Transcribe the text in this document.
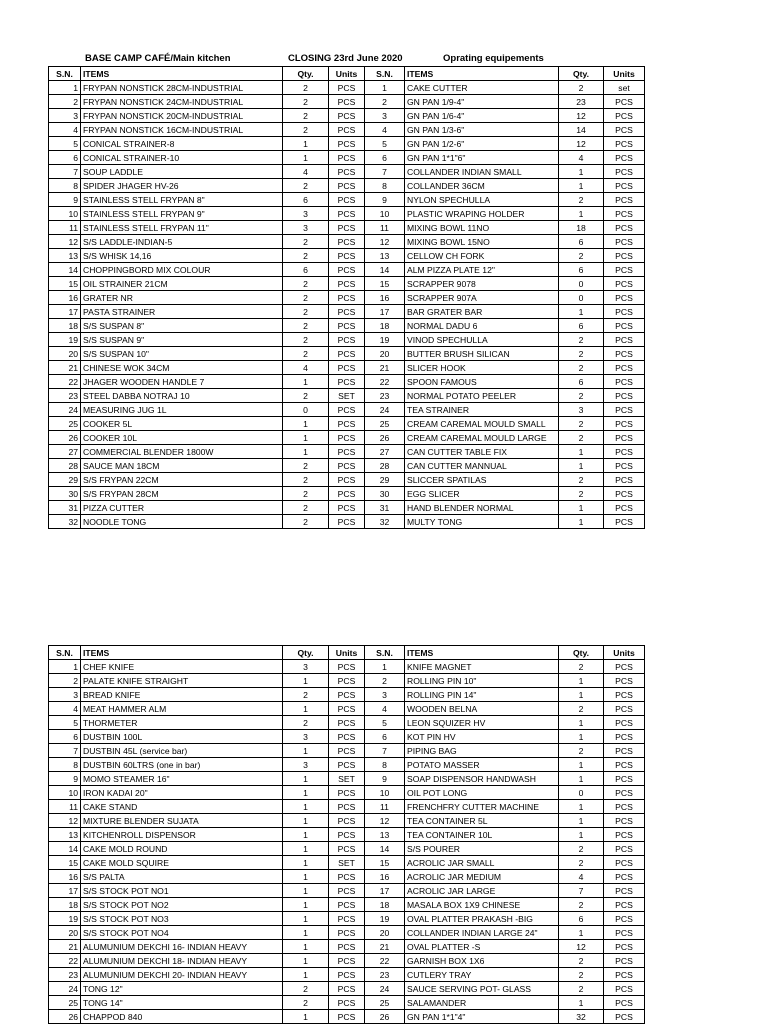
BASE CAMP CAFÉ/Main kitchen	CLOSING 23rd June 2020	Oprating equipements
S.N.	ITEMS	Qty.	Units	S.N.	ITEMS	Qty.	Units
1	FRYPAN NONSTICK 28CM-INDUSTRIAL	2	PCS	1	CAKE CUTTER	2	set
2	FRYPAN NONSTICK 24CM-INDUSTRIAL	2	PCS	2	GN PAN 1/9-4"	23	PCS
3	FRYPAN NONSTICK 20CM-INDUSTRIAL	2	PCS	3	GN PAN 1/6-4"	12	PCS
4	FRYPAN NONSTICK 16CM-INDUSTRIAL	2	PCS	4	GN PAN 1/3-6"	14	PCS
5	CONICAL STRAINER-8	1	PCS	5	GN PAN 1/2-6"	12	PCS
6	CONICAL STRAINER-10	1	PCS	6	GN PAN 1*1"6"	4	PCS
7	SOUP LADDLE	4	PCS	7	COLLANDER INDIAN SMALL	1	PCS
8	SPIDER JHAGER HV-26	2	PCS	8	COLLANDER 36CM	1	PCS
9	STAINLESS STELL FRYPAN 8"	6	PCS	9	NYLON SPECHULLA	2	PCS
10	STAINLESS STELL FRYPAN 9"	3	PCS	10	PLASTIC WRAPING HOLDER	1	PCS
11	STAINLESS STELL FRYPAN 11"	3	PCS	11	MIXING BOWL 11NO	18	PCS
12	S/S LADDLE-INDIAN-5	2	PCS	12	MIXING BOWL 15NO	6	PCS
13	S/S WHISK 14,16	2	PCS	13	CELLOW CH FORK	2	PCS
14	CHOPPINGBORD MIX COLOUR	6	PCS	14	ALM PIZZA PLATE 12"	6	PCS
15	OIL STRAINER 21CM	2	PCS	15	SCRAPPER 9078	0	PCS
16	GRATER NR	2	PCS	16	SCRAPPER 907A	0	PCS
17	PASTA STRAINER	2	PCS	17	BAR GRATER BAR	1	PCS
18	S/S SUSPAN 8"	2	PCS	18	NORMAL DADU 6	6	PCS
19	S/S SUSPAN 9"	2	PCS	19	VINOD SPECHULLA	2	PCS
20	S/S SUSPAN 10"	2	PCS	20	BUTTER BRUSH SILICAN	2	PCS
21	CHINESE WOK 34CM	4	PCS	21	SLICER HOOK	2	PCS
22	JHAGER WOODEN HANDLE 7	1	PCS	22	SPOON FAMOUS	6	PCS
23	STEEL DABBA NOTRAJ 10	2	SET	23	NORMAL POTATO PEELER	2	PCS
24	MEASURING JUG 1L	0	PCS	24	TEA STRAINER	3	PCS
25	COOKER 5L	1	PCS	25	CREAM CAREMAL MOULD SMALL	2	PCS
26	COOKER 10L	1	PCS	26	CREAM CAREMAL MOULD LARGE	2	PCS
27	COMMERCIAL BLENDER 1800W	1	PCS	27	CAN CUTTER TABLE FIX	1	PCS
28	SAUCE MAN 18CM	2	PCS	28	CAN CUTTER MANNUAL	1	PCS
29	S/S FRYPAN 22CM	2	PCS	29	SLICCER SPATILAS	2	PCS
30	S/S FRYPAN 28CM	2	PCS	30	EGG SLICER	2	PCS
31	PIZZA CUTTER	2	PCS	31	HAND BLENDER NORMAL	1	PCS
32	NOODLE TONG	2	PCS	32	MULTY TONG	1	PCS
S.N.	ITEMS	Qty.	Units	S.N.	ITEMS	Qty.	Units
1	CHEF KNIFE	3	PCS	1	KNIFE MAGNET	2	PCS
2	PALATE KNIFE STRAIGHT	1	PCS	2	ROLLING PIN 10"	1	PCS
3	BREAD KNIFE	2	PCS	3	ROLLING PIN 14"	1	PCS
4	MEAT HAMMER ALM	1	PCS	4	WOODEN BELNA	2	PCS
5	THORMETER	2	PCS	5	LEON SQUIZER HV	1	PCS
6	DUSTBIN 100L	3	PCS	6	KOT PIN HV	1	PCS
7	DUSTBIN 45L (service bar)	1	PCS	7	PIPING BAG	2	PCS
8	DUSTBIN 60LTRS (one in bar)	3	PCS	8	POTATO MASSER	1	PCS
9	MOMO STEAMER 16"	1	SET	9	SOAP DISPENSOR HANDWASH	1	PCS
10	IRON KADAI 20"	1	PCS	10	OIL POT LONG	0	PCS
11	CAKE STAND	1	PCS	11	FRENCHFRY CUTTER MACHINE	1	PCS
12	MIXTURE BLENDER SUJATA	1	PCS	12	TEA CONTAINER 5L	1	PCS
13	KITCHENROLL DISPENSOR	1	PCS	13	TEA CONTAINER 10L	1	PCS
14	CAKE MOLD ROUND	1	PCS	14	S/S POURER	2	PCS
15	CAKE MOLD SQUIRE	1	SET	15	ACROLIC JAR SMALL	2	PCS
16	S/S PALTA	1	PCS	16	ACROLIC JAR MEDIUM	4	PCS
17	S/S STOCK POT NO1	1	PCS	17	ACROLIC JAR LARGE	7	PCS
18	S/S STOCK POT NO2	1	PCS	18	MASALA BOX 1X9 CHINESE	2	PCS
19	S/S STOCK POT NO3	1	PCS	19	OVAL PLATTER PRAKASH -BIG	6	PCS
20	S/S STOCK POT NO4	1	PCS	20	COLLANDER INDIAN LARGE 24"	1	PCS
21	ALUMUNIUM DEKCHI 16- INDIAN HEAVY	1	PCS	21	OVAL PLATTER -S	12	PCS
22	ALUMUNIUM DEKCHI 18- INDIAN HEAVY	1	PCS	22	GARNISH BOX 1X6	2	PCS
23	ALUMUNIUM DEKCHI 20- INDIAN HEAVY	1	PCS	23	CUTLERY TRAY	2	PCS
24	TONG 12"	2	PCS	24	SAUCE SERVING POT- GLASS	2	PCS
25	TONG 14"	2	PCS	25	SALAMANDER	1	PCS
26	CHAPPOD 840	1	PCS	26	GN PAN 1*1"4"	32	PCS
